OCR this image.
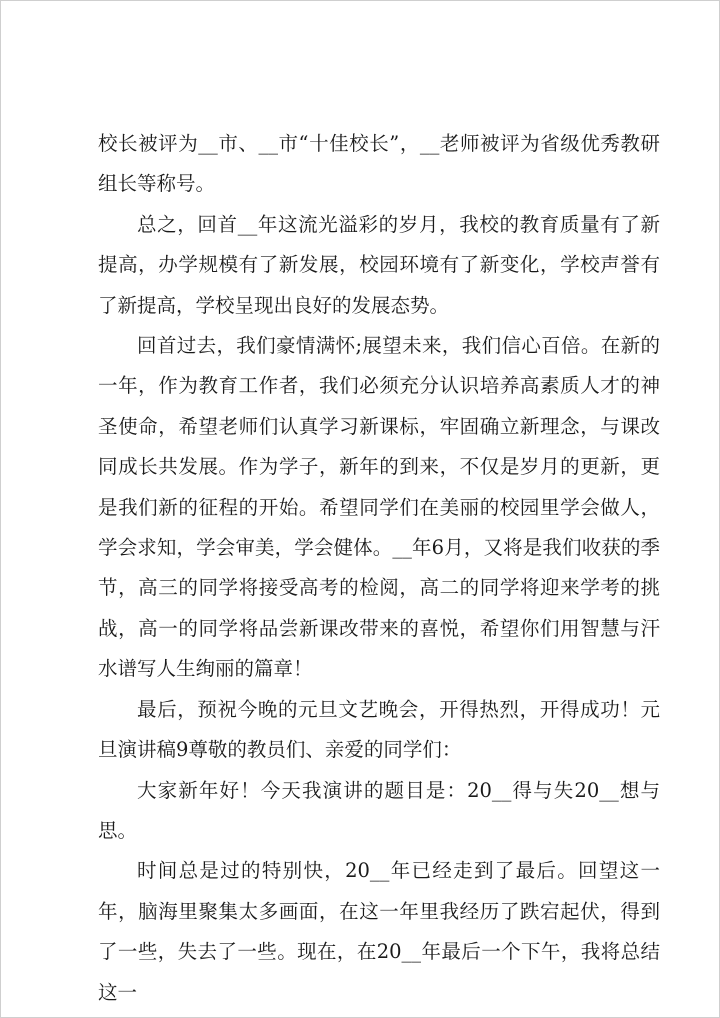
校长被评为__市、__市“十佳校长”，__老师被评为省级优秀教研组长等称号。

总之，回首__年这流光溢彩的岁月，我校的教育质量有了新提高，办学规模有了新发展，校园环境有了新变化，学校声誉有了新提高，学校呈现出良好的发展态势。

回首过去，我们豪情满怀;展望未来，我们信心百倍。在新的一年，作为教育工作者，我们必须充分认识培养高素质人才的神圣使命，希望老师们认真学习新课标，牢固确立新理念，与课改同成长共发展。作为学子，新年的到来，不仅是岁月的更新，更是我们新的征程的开始。希望同学们在美丽的校园里学会做人，学会求知，学会审美，学会健体。__年6月，又将是我们收获的季节，高三的同学将接受高考的检阅，高二的同学将迎来学考的挑战，高一的同学将品尝新课改带来的喜悦，希望你们用智慧与汗水谱写人生绚丽的篇章！

最后，预祝今晚的元旦文艺晚会，开得热烈，开得成功！元旦演讲稿9尊敬的教员们、亲爱的同学们：

大家新年好！今天我演讲的题目是：20__得与失20__想与思。

时间总是过的特别快，20__年已经走到了最后。回望这一年，脑海里聚集太多画面，在这一年里我经历了跌宕起伏，得到了一些，失去了一些。现在，在20__年最后一个下午，我将总结这一
